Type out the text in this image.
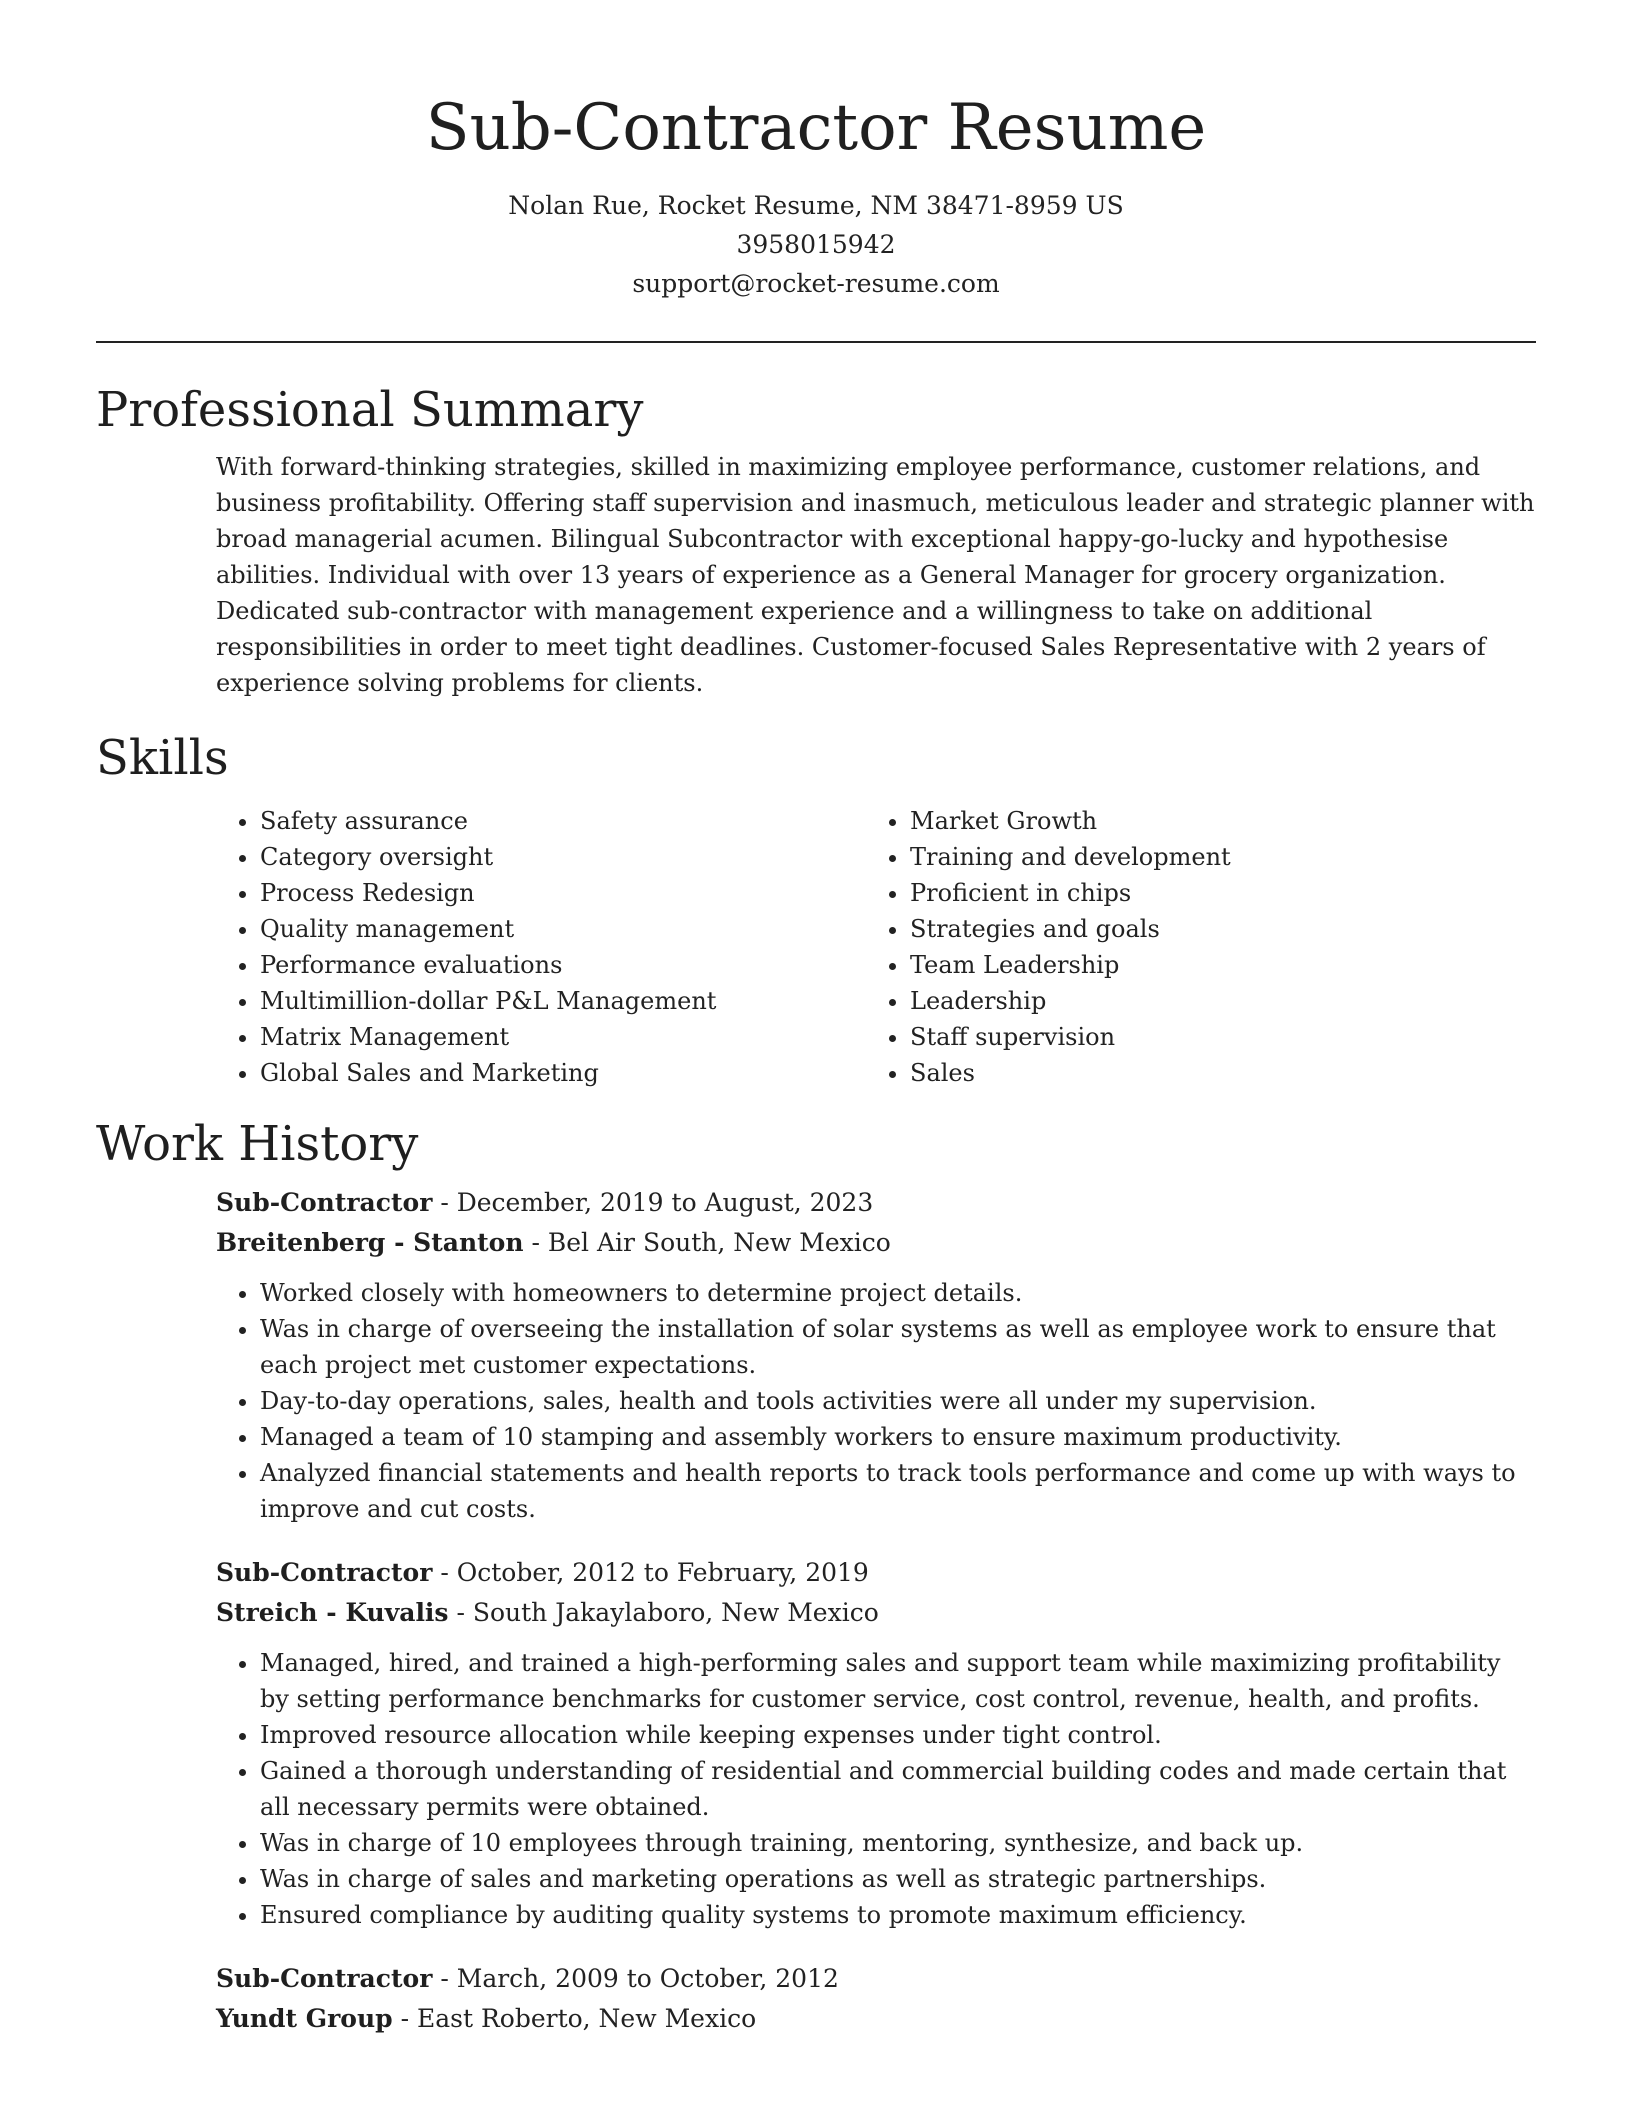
Sub-Contractor Resume
Nolan Rue, Rocket Resume, NM 38471-8959 US
3958015942
support@rocket-resume.com
Professional Summary
With forward-thinking strategies, skilled in maximizing employee performance, customer relations, and business profitability. Offering staff supervision and inasmuch, meticulous leader and strategic planner with broad managerial acumen. Bilingual Subcontractor with exceptional happy-go-lucky and hypothesise abilities. Individual with over 13 years of experience as a General Manager for grocery organization. Dedicated sub-contractor with management experience and a willingness to take on additional responsibilities in order to meet tight deadlines. Customer-focused Sales Representative with 2 years of experience solving problems for clients.
Skills
• Safety assurance
• Category oversight
• Process Redesign
• Quality management
• Performance evaluations
• Multimillion-dollar P&L Management
• Matrix Management
• Global Sales and Marketing
• Market Growth
• Training and development
• Proficient in chips
• Strategies and goals
• Team Leadership
• Leadership
• Staff supervision
• Sales
Work History
Sub-Contractor - December, 2019 to August, 2023
Breitenberg - Stanton - Bel Air South, New Mexico
• Worked closely with homeowners to determine project details.
• Was in charge of overseeing the installation of solar systems as well as employee work to ensure that each project met customer expectations.
• Day-to-day operations, sales, health and tools activities were all under my supervision.
• Managed a team of 10 stamping and assembly workers to ensure maximum productivity.
• Analyzed financial statements and health reports to track tools performance and come up with ways to improve and cut costs.
Sub-Contractor - October, 2012 to February, 2019
Streich - Kuvalis - South Jakaylaboro, New Mexico
• Managed, hired, and trained a high-performing sales and support team while maximizing profitability by setting performance benchmarks for customer service, cost control, revenue, health, and profits.
• Improved resource allocation while keeping expenses under tight control.
• Gained a thorough understanding of residential and commercial building codes and made certain that all necessary permits were obtained.
• Was in charge of 10 employees through training, mentoring, synthesize, and back up.
• Was in charge of sales and marketing operations as well as strategic partnerships.
• Ensured compliance by auditing quality systems to promote maximum efficiency.
Sub-Contractor - March, 2009 to October, 2012
Yundt Group - East Roberto, New Mexico
